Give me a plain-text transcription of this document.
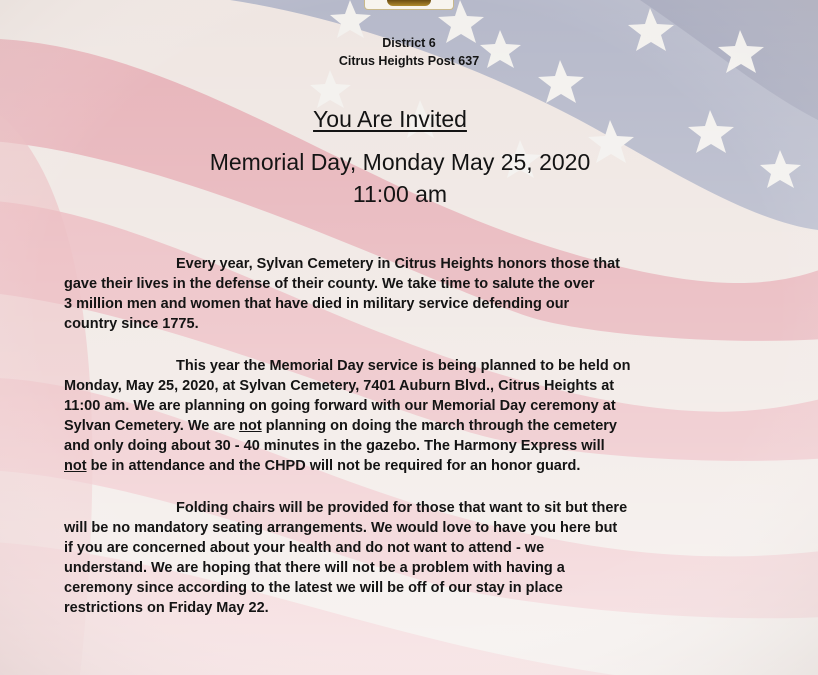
District 6
Citrus Heights Post 637
You Are Invited
Memorial Day, Monday May 25, 2020
11:00 am
Every year, Sylvan Cemetery in Citrus Heights honors those that
gave their lives in the defense of their county. We take time to salute the over
3 million men and women that have died in military service defending our
country since 1775.
This year the Memorial Day service is being planned to be held on
Monday, May 25, 2020, at Sylvan Cemetery, 7401 Auburn Blvd., Citrus Heights at
11:00 am. We are planning on going forward with our Memorial Day ceremony at
Sylvan Cemetery. We are not planning on doing the march through the cemetery
and only doing about 30 - 40 minutes in the gazebo. The Harmony Express will
not be in attendance and the CHPD will not be required for an honor guard.
Folding chairs will be provided for those that want to sit but there
will be no mandatory seating arrangements. We would love to have you here but
if you are concerned about your health and do not want to attend - we
understand. We are hoping that there will not be a problem with having a
ceremony since according to the latest we will be off of our stay in place
restrictions on Friday May 22.
